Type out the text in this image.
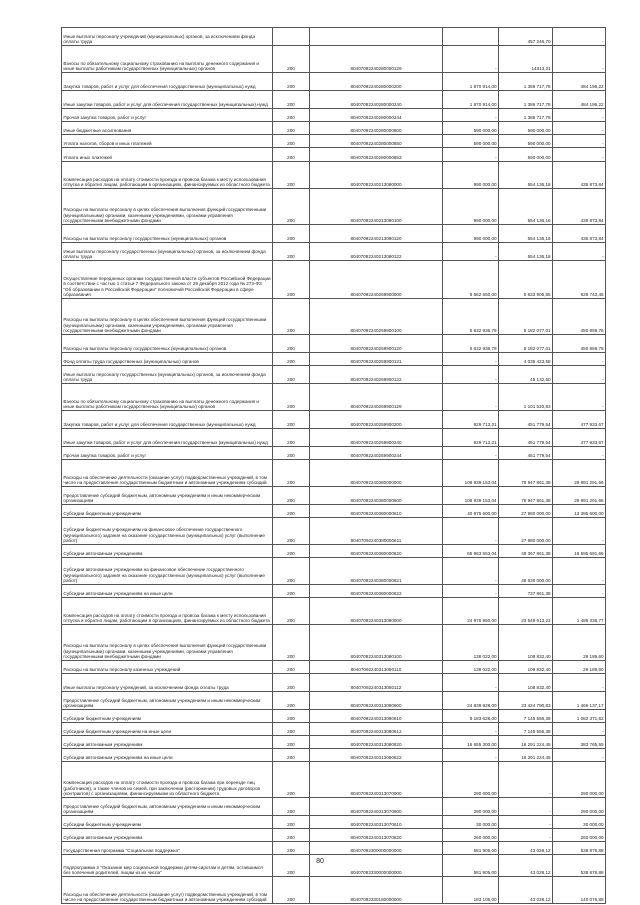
Иные выплаты персоналу учреждений (муниципальных) органов, за исключением фонда оплаты труда				457 246,70	-
Взносы по обязательному социальному страхованию на выплаты денежного содержания и иные выплаты работникам государственных (муниципальных) органов	200	80407092240280000129	-	14313,31	-
Закупка товаров, работ и услуг для обеспечения государственных (муниципальных) нужд	200	80407092240280000200	1 870 914,00	1 386 717,78	484 196,22
Иные закупки товаров, работ и услуг для обеспечения государственных (муниципальных) нужд	200	80407092240280000240	1 870 914,00	1 386 717,78	484 196,22
Прочая закупка товаров, работ и услуг	200	80407092240280000244	-	1 386 717,78	-
Иные бюджетные ассигнования	200	80407092240280000800	590 000,00	590 000,00	-
Уплата налогов, сборов и иных платежей	200	80407092240280000850	590 000,00	590 000,00	-
Уплата иных платежей	200	80407092240280000853	-	590 000,00	-
Компенсация расходов на оплату стоимости проезда и провоза багажа к месту использования отпуска и обратно лицам, работающим в организациях, финансируемых из областного бюджета	200	80407092240213080000	990 000,00	554 136,16	435 873,84
Расходы на выплаты персоналу в целях обеспечения выполнения функций государственными (муниципальными) органами, казенными учреждениями, органами управления государственными внебюджетными фондами	200	80407092240213080100	990 000,00	554 136,16	435 873,84
Расходы на выплаты персоналу государственных (муниципальных) органов	200	80407092240213080120	990 000,00	554 136,16	435 873,84
Иные выплаты персоналу государственных (муниципальных) органов, за исключением фонда оплаты труда	200	80407092240213080122	-	554 136,16	-
Осуществление переданных органам государственной власти субъектов Российской Федерации в соответствии с частью 1 статьи 7 Федерального закона от 29 декабря 2012 года № 273-ФЗ "Об образовании в Российской Федерации" полномочий Российской Федерации в сфере образования	200	80407092240259900000	6 562 650,00	5 633 906,55	928 743,45
Расходы на выплаты персоналу в целях обеспечения выполнения функций государственными (муниципальными) органами, казенными учреждениями, органами управления государственными внебюджетными фондами	200	80407092240259900100	5 632 936,79	5 182 077,01	450 859,78
Расходы на выплаты персоналу государственных (муниципальных) органов	200	80407092240259900120	5 632 936,79	5 182 077,01	450 859,78
Фонд оплаты труда государственных (муниципальных) органов	200	80407092240259900121	-	4 035 423,58	-
Иные выплаты персоналу государственных (муниципальных) органов, за исключением фонда оплаты труда	200	80407092240259900122	-	45 132,60	-
Взносы по обязательному социальному страхованию на выплаты денежного содержания и иные выплаты работникам государственных (муниципальных) органов	200	80407092240259900129	-	1 101 520,83	-
Закупка товаров, работ и услуг для обеспечения государственных (муниципальных) нужд	200	80407092240259900200	929 713,21	451 779,54	477 933,67
Иные закупки товаров, работ и услуг для обеспечения государственных (муниципальных) нужд	200	80407092240259900240	929 713,21	451 779,54	477 933,67
Прочая закупка товаров, работ и услуг	200	80407092240259900244	-	451 779,54	-
Расходы на обеспечение деятельности (оказание услуг) подведомственных учреждений, в том числе на предоставление государственным бюджетным и автономным учреждениям субсидий	200	80407092240380000000	108 939 153,04	78 947 861,38	29 991 291,66
Предоставление субсидий бюджетным, автономным учреждениям и иным некоммерческим организациям	200	80407092240380000600	108 939 153,04	78 947 861,38	29 991 291,66
Субсидии бюджетным учреждениям	200	80407092240380000610	40 975 600,00	27 980 000,00	13 395 600,00
Субсидии бюджетным учреждениям на финансовое обеспечение государственного (муниципального) задания на оказание государственных (муниципальных) услуг (выполнение работ)	200	80407092240380000611	-	27 980 000,00	-
Субсидии автономным учреждениям	200	80407092240380000620	65 963 553,04	49 367 861,38	16 595 691,66
Субсидии автономным учреждениям на финансовое обеспечение государственного (муниципального) задания на оказание государственных (муниципальных) услуг (выполнение работ)	200	80407092240380000621	-	48 630 000,00	-
Субсидии автономным учреждениям на иные цели	200	80407092240380000622	-	737 861,38	-
Компенсация расходов на оплату стоимости проезда и провоза багажа к месту использования отпуска и обратно лицам, работающим в организациях, финансируемых из областного бюджета	200	80407092240313080000	24 976 950,00	23 549 613,23	1 495 336,77
Расходы на выплаты персоналу в целях обеспечения выполнения функций государственными (муниципальными) органами, казенными учреждениями, органами управления государственными внебюджетными фондами	200	80407092240313080100	138 022,00	108 832,40	29 189,60
Расходы на выплаты персоналу казенных учреждений	200	80407092240313080110	138 022,00	108 832,40	29 189,60
Иные выплаты персоналу учреждений, за исключением фонда оплаты труда	200	80407092240313080112	-	108 832,40	-
Предоставление субсидий бюджетным, автономным учреждениям и иным некоммерческим организациям	200	80407092240313080600	24 838 928,00	23 424 790,83	1 466 137,17
Субсидии бюджетным учреждениям	200	80407092240313080610	8 183 628,00	7 145 556,38	1 082 371,62
Субсидии бюджетным учреждениям на иные цели	200	80407092240313080612	-	7 145 556,38	-
Субсидии автономным учреждениям	200	80407092240313080620	16 655 300,00	16 291 224,45	383 765,55
Субсидии автономным учреждениям на иные цели	200	80407092240313080622	-	16 291 224,45	-
Компенсация расходов на оплату стоимости проезда и провоза багажа при переезде лиц (работников), а также членов их семей, при заключении (расторжении) трудовых договоров (контрактов) с организациями, финансируемыми из областного бюджета	200	80407092240313070000	290 000,00	-	290 000,00
Предоставление субсидий бюджетным, автономным учреждениям и иным некоммерческим организациям	200	80407092240313070600	290 000,00	-	290 000,00
Субсидии бюджетным учреждениям	200	80407092240313070610	30 000,00	-	30 000,00
Субсидии автономным учреждениям	200	80407092240313070620	260 000,00	-	260 000,00
Государственная программа "Социальная поддержка"	200	80407092300000000000	581 905,00	43 028,12	538 876,88
Подпрограмма 3 "Оказание мер социальной поддержки детям-сиротам и детям, оставшимся без попечения родителей, лицам из их числа"	200	80407092330000000000	581 905,00	43 028,12	538 876,88
Расходы на обеспечение деятельности (оказание услуг) подведомственных учреждений, в том числе на предоставление государственным бюджетным и автономным учреждениям субсидий	200	80407092330180000000	183 105,00	43 028,12	140 076,88
80
